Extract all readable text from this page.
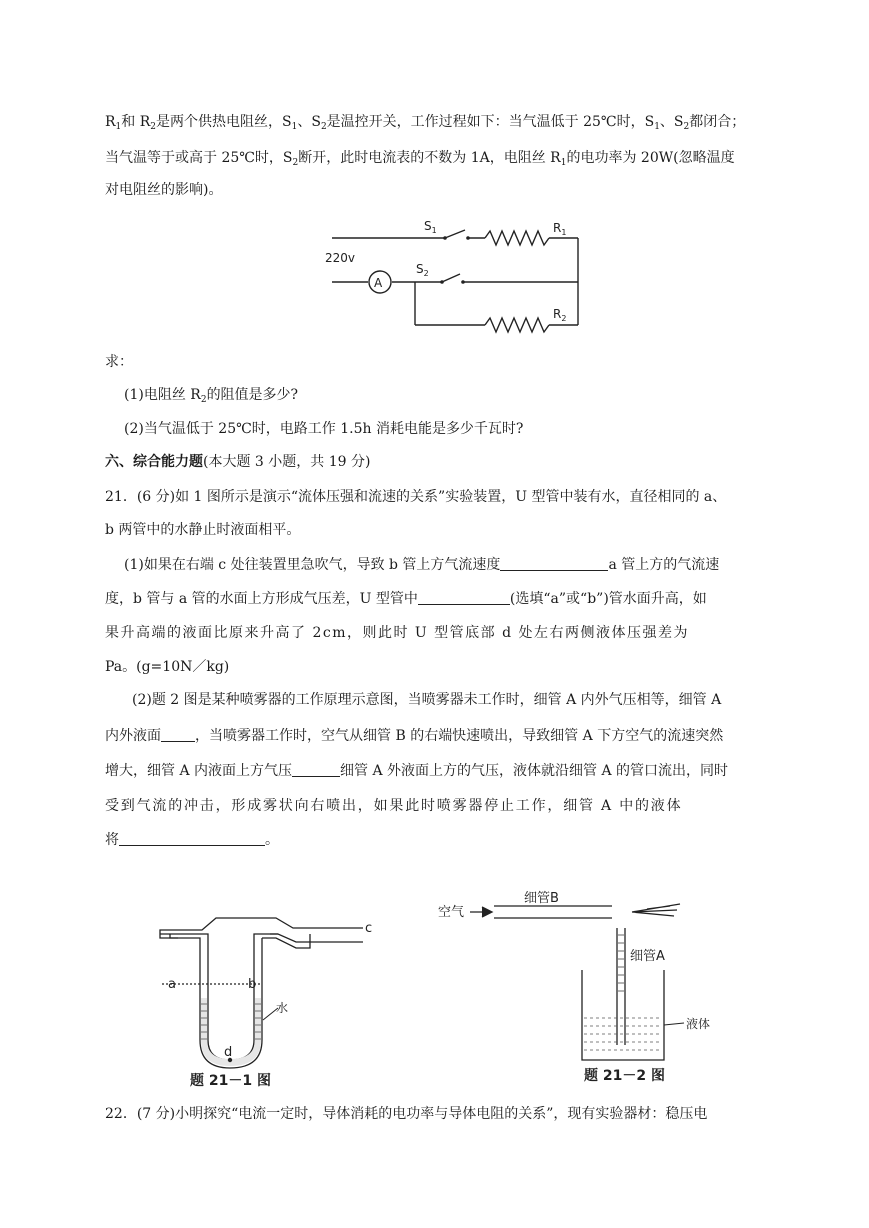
$R_1$和 $R_2$是两个供热电阻丝，$S_1$、$S_2$是温控开关，工作过程如下：当气温低于 25℃时，$S_1$、$S_2$都闭合；
当气温等于或高于 25℃时，$S_2$断开，此时电流表的不数为 1A，电阻丝 $R_1$的电功率为 20W(忽略温度
对电阻丝的影响)。
220v
A
$S_1$
$S_2$
$R_1$
$R_2$
求：
(1)电阻丝 $R_2$的阻值是多少?
(2)当气温低于 25℃时，电路工作 1.5h 消耗电能是多少千瓦时?
六、综合能力题(本大题 3 小题，共 19 分)
21．(6 分)如 1 图所示是演示“流体压强和流速的关系”实验装置，U 型管中装有水，直径相同的 a、
b 两管中的水静止时液面相平。
(1)如果在右端 c 处往装置里急吹气，导致 b 管上方气流速度	a 管上方的气流速
度，b 管与 a 管的水面上方形成气压差，U 型管中	(选填“a”或“b”)管水面升高，如
果升高端的液面比原来升高了 2cm，则此时 U 型管底部 d 处左右两侧液体压强差为
Pa。(g=10N／kg)
(2)题 2 图是某种喷雾器的工作原理示意图，当喷雾器未工作时，细管 A 内外气压相等，细管 A
内外液面 ，当喷雾器工作时，空气从细管 B 的右端快速喷出，导致细管 A 下方空气的流速突然
增大，细管 A 内液面上方气压	细管 A 外液面上方的气压，液体就沿细管 A 的管口流出，同时
受到气流的冲击，形成雾状向右喷出，如果此时喷雾器停止工作，细管 A 中的液体
将	。
a	b
c
d
水
题 21－1 图
空气
细管B
细管A
液体
题 21－2 图
22．(7 分)小明探究“电流一定时，导体消耗的电功率与导体电阻的关系”，现有实验器材：稳压电
